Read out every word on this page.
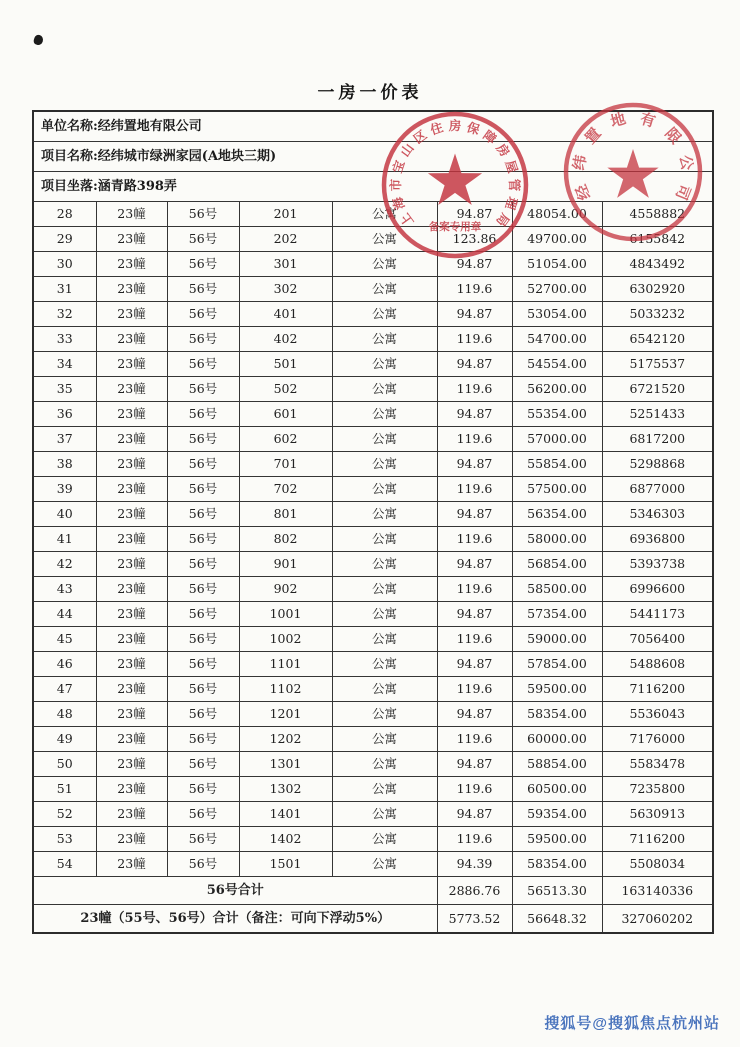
一房一价表
单位名称:经纬置地有限公司							
项目名称:经纬城市绿洲家园(A地块三期)							
项目坐落:涵青路398弄							
28	23幢	56号	201	公寓	94.87	48054.00	4558882
29	23幢	56号	202	公寓	123.86	49700.00	6155842
30	23幢	56号	301	公寓	94.87	51054.00	4843492
31	23幢	56号	302	公寓	119.6	52700.00	6302920
32	23幢	56号	401	公寓	94.87	53054.00	5033232
33	23幢	56号	402	公寓	119.6	54700.00	6542120
34	23幢	56号	501	公寓	94.87	54554.00	5175537
35	23幢	56号	502	公寓	119.6	56200.00	6721520
36	23幢	56号	601	公寓	94.87	55354.00	5251433
37	23幢	56号	602	公寓	119.6	57000.00	6817200
38	23幢	56号	701	公寓	94.87	55854.00	5298868
39	23幢	56号	702	公寓	119.6	57500.00	6877000
40	23幢	56号	801	公寓	94.87	56354.00	5346303
41	23幢	56号	802	公寓	119.6	58000.00	6936800
42	23幢	56号	901	公寓	94.87	56854.00	5393738
43	23幢	56号	902	公寓	119.6	58500.00	6996600
44	23幢	56号	1001	公寓	94.87	57354.00	5441173
45	23幢	56号	1002	公寓	119.6	59000.00	7056400
46	23幢	56号	1101	公寓	94.87	57854.00	5488608
47	23幢	56号	1102	公寓	119.6	59500.00	7116200
48	23幢	56号	1201	公寓	94.87	58354.00	5536043
49	23幢	56号	1202	公寓	119.6	60000.00	7176000
50	23幢	56号	1301	公寓	94.87	58854.00	5583478
51	23幢	56号	1302	公寓	119.6	60500.00	7235800
52	23幢	56号	1401	公寓	94.87	59354.00	5630913
53	23幢	56号	1402	公寓	119.6	59500.00	7116200
54	23幢	56号	1501	公寓	94.39	58354.00	5508034
56号合计					2886.76	56513.30	163140336
23幢（55号、56号）合计（备注：可向下浮动5%）					5773.52	56648.32	327060202
上
海
市
宝
山
区
住 房 保
障
房
屋
管
理
局
备案专用章
经
纬
置
地 有
限
公
司
搜狐号@搜狐焦点杭州站
